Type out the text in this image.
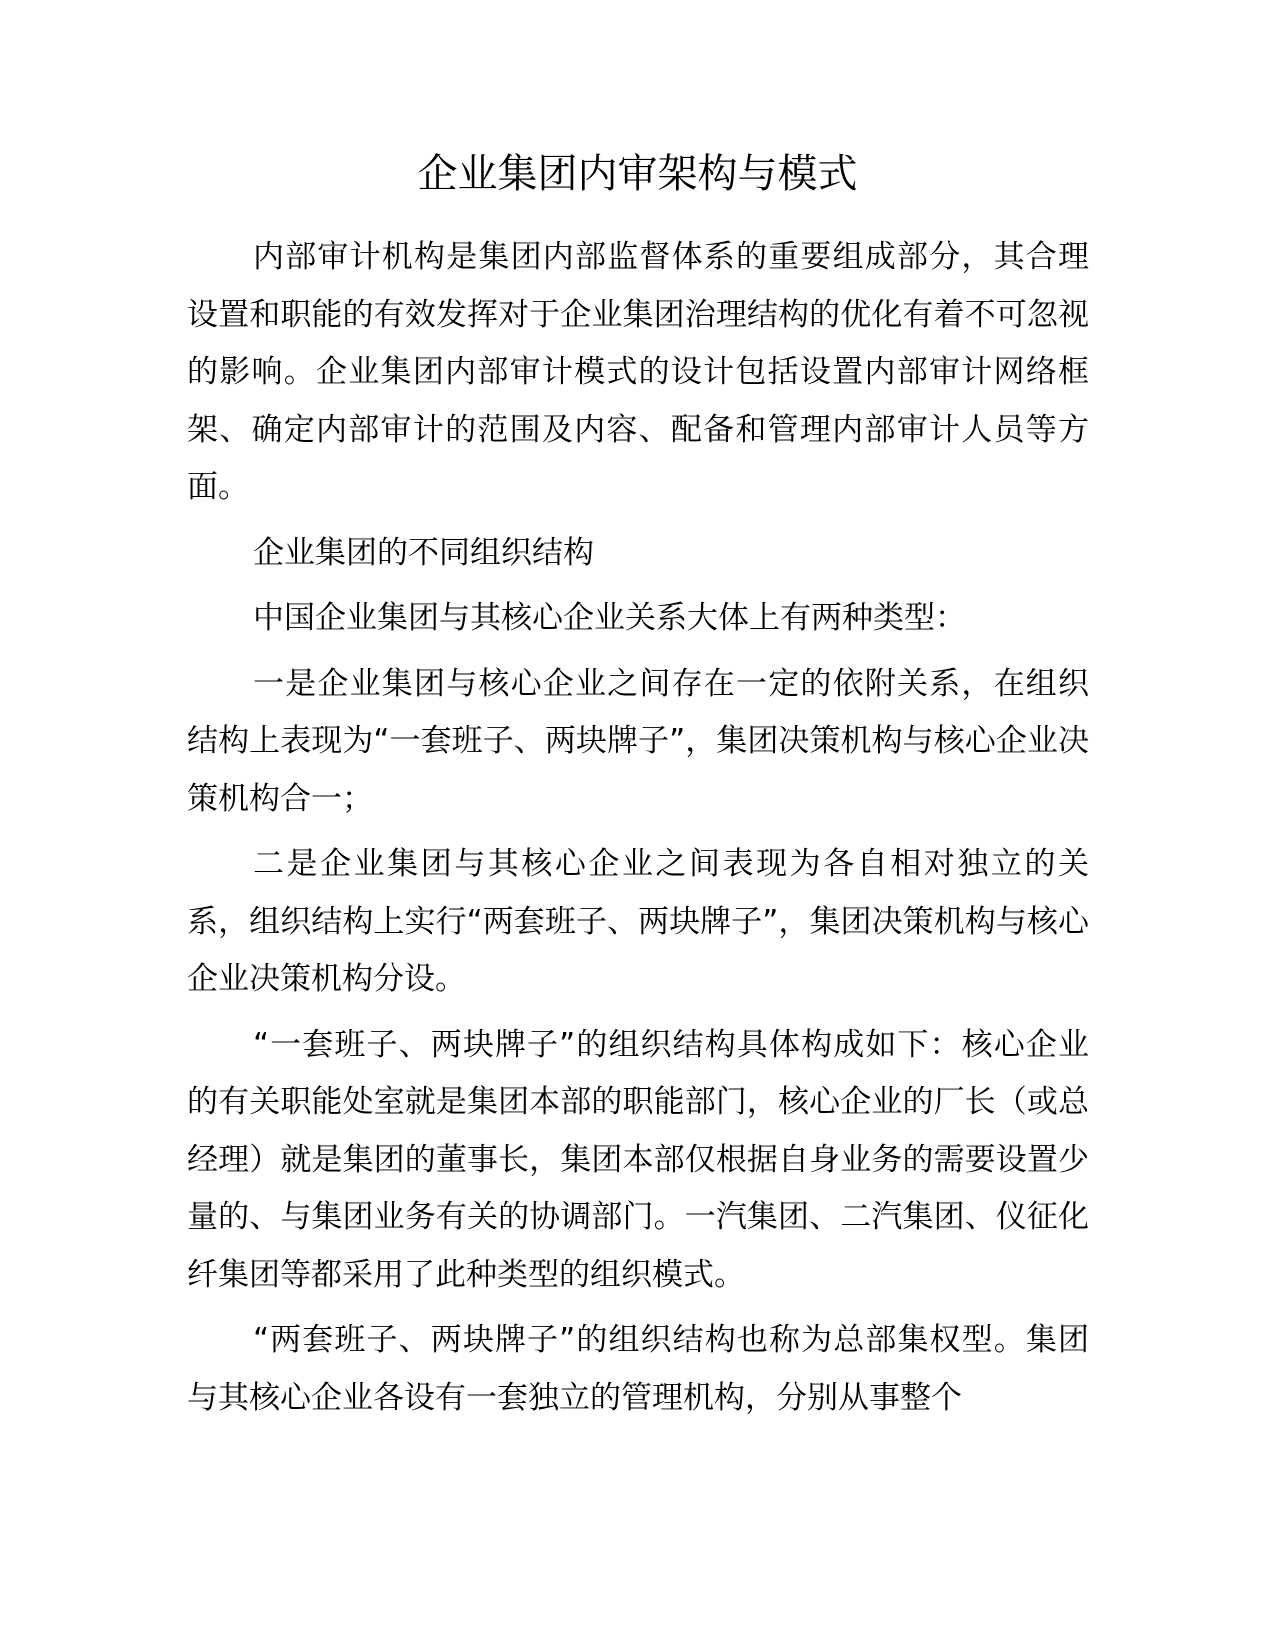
企业集团内审架构与模式

内部审计机构是集团内部监督体系的重要组成部分，其合理设置和职能的有效发挥对于企业集团治理结构的优化有着不可忽视的影响。企业集团内部审计模式的设计包括设置内部审计网络框架、确定内部审计的范围及内容、配备和管理内部审计人员等方面。

企业集团的不同组织结构

中国企业集团与其核心企业关系大体上有两种类型：

一是企业集团与核心企业之间存在一定的依附关系，在组织结构上表现为“一套班子、两块牌子”，集团决策机构与核心企业决策机构合一；

二是企业集团与其核心企业之间表现为各自相对独立的关系，组织结构上实行“两套班子、两块牌子”，集团决策机构与核心企业决策机构分设。

“一套班子、两块牌子”的组织结构具体构成如下：核心企业的有关职能处室就是集团本部的职能部门，核心企业的厂长（或总经理）就是集团的董事长，集团本部仅根据自身业务的需要设置少量的、与集团业务有关的协调部门。一汽集团、二汽集团、仪征化纤集团等都采用了此种类型的组织模式。

“两套班子、两块牌子”的组织结构也称为总部集权型。集团与其核心企业各设有一套独立的管理机构，分别从事整个
